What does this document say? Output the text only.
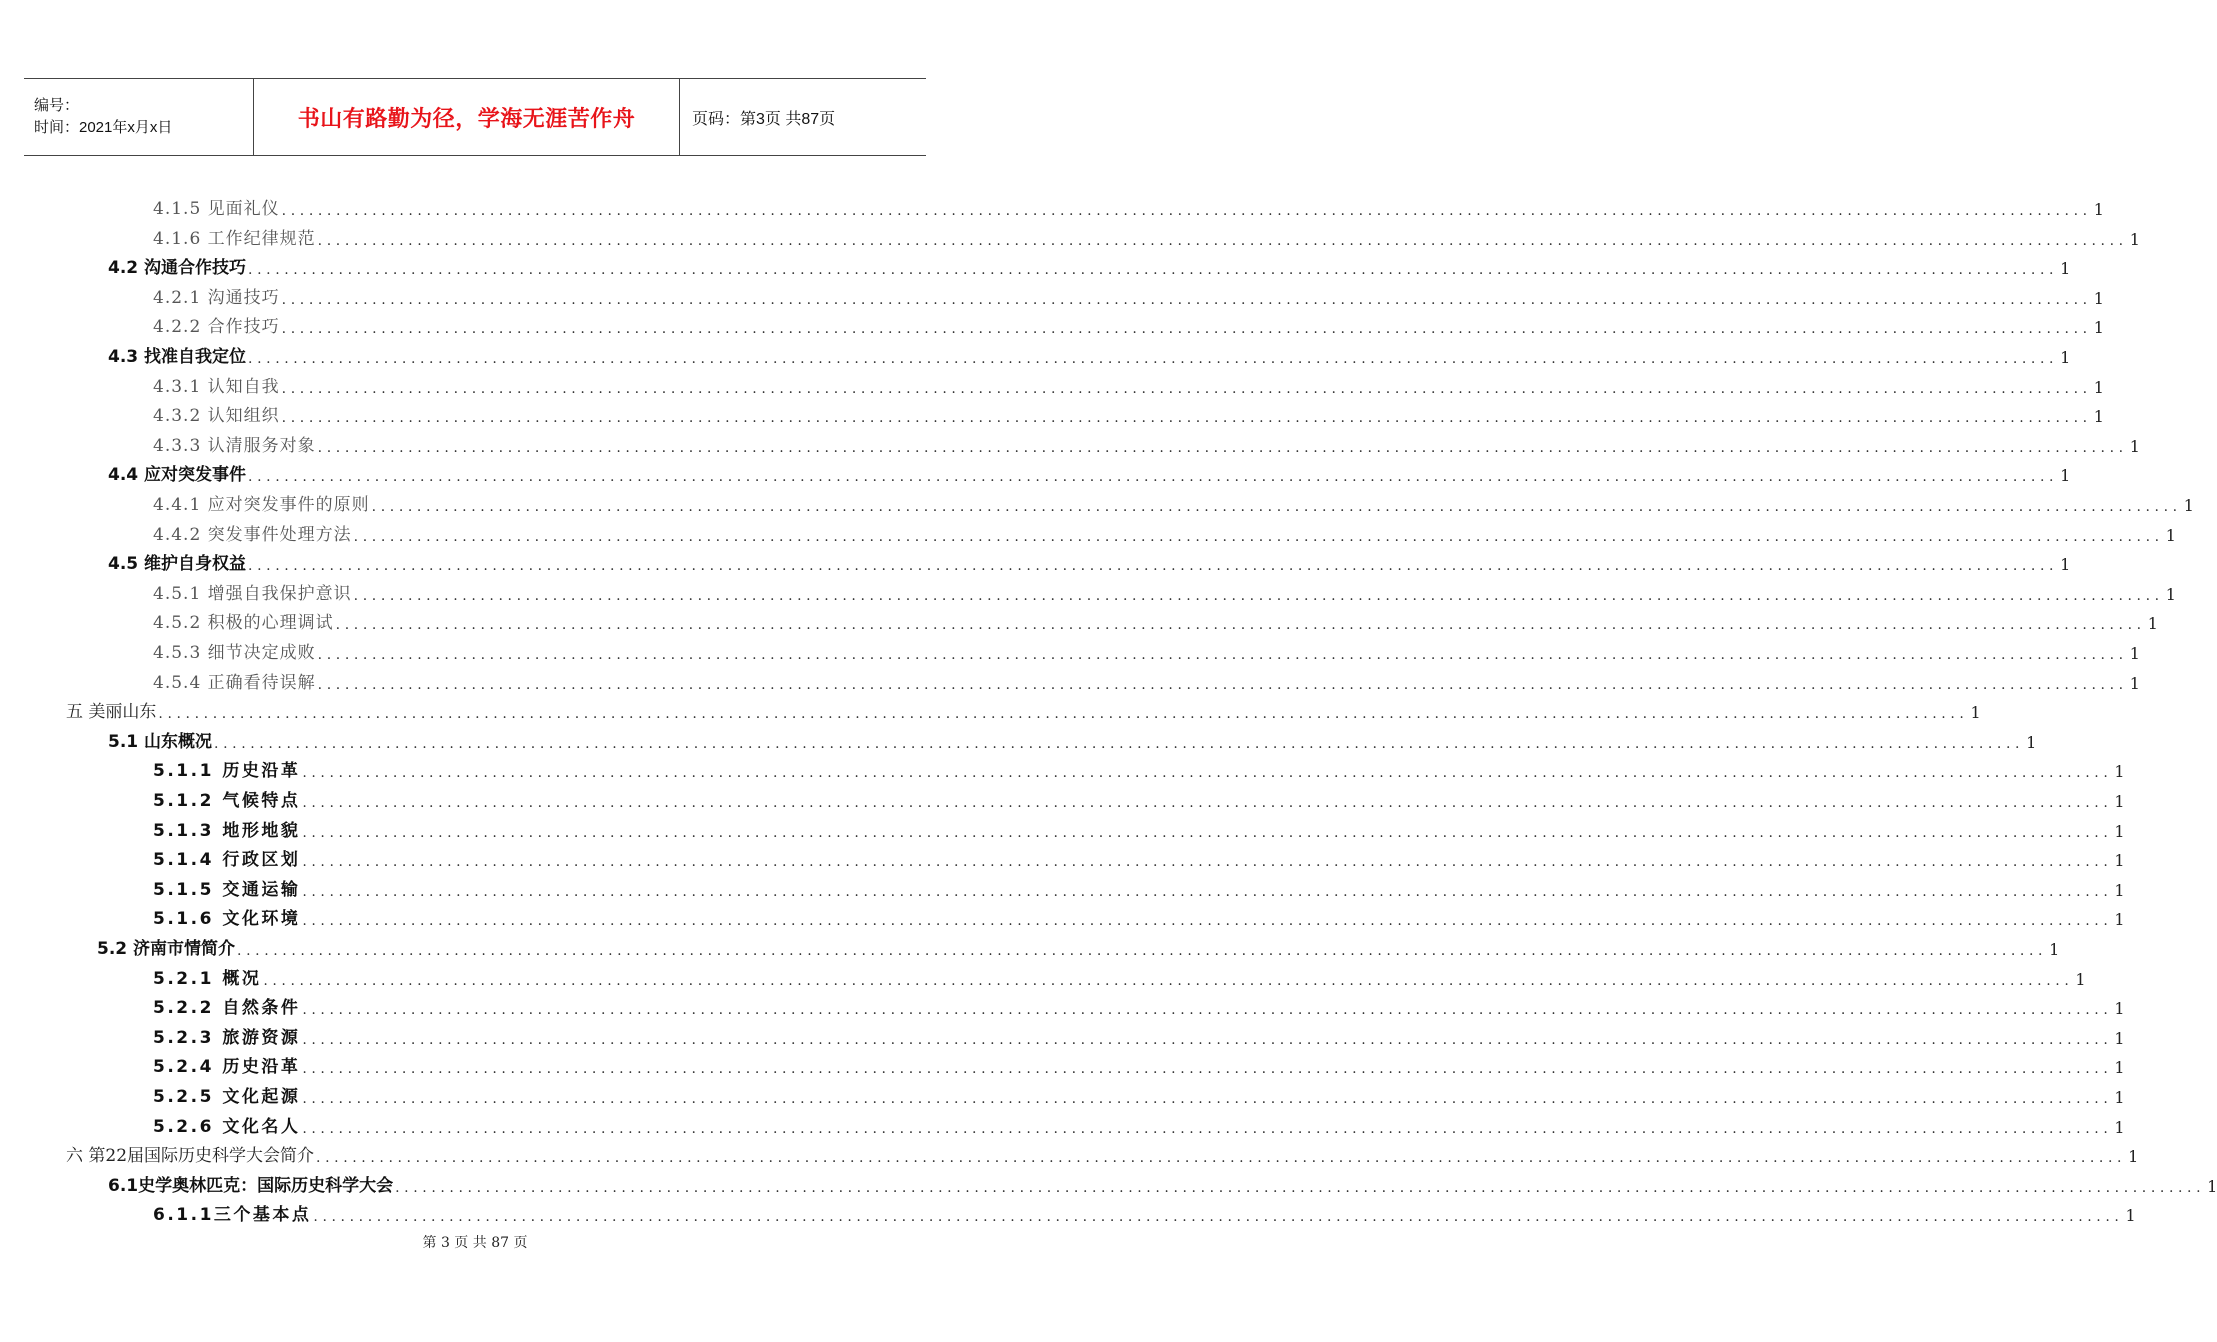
编号：
时间：2021年x月x日	书山有路勤为径，学海无涯苦作舟	页码：第3页 共87页
4.1.5 见面礼仪 ........................................................................................................................................................................................................ 1
4.1.6 工作纪律规范 ........................................................................................................................................................................................................ 1
4.2 沟通合作技巧 ........................................................................................................................................................................................................ 1
4.2.1 沟通技巧 ........................................................................................................................................................................................................ 1
4.2.2 合作技巧 ........................................................................................................................................................................................................ 1
4.3 找准自我定位 ........................................................................................................................................................................................................ 1
4.3.1 认知自我 ........................................................................................................................................................................................................ 1
4.3.2 认知组织 ........................................................................................................................................................................................................ 1
4.3.3 认清服务对象 ........................................................................................................................................................................................................ 1
4.4 应对突发事件 ........................................................................................................................................................................................................ 1
4.4.1 应对突发事件的原则 ........................................................................................................................................................................................................ 1
4.4.2 突发事件处理方法 ........................................................................................................................................................................................................ 1
4.5 维护自身权益 ........................................................................................................................................................................................................ 1
4.5.1 增强自我保护意识 ........................................................................................................................................................................................................ 1
4.5.2 积极的心理调试 ........................................................................................................................................................................................................ 1
4.5.3 细节决定成败 ........................................................................................................................................................................................................ 1
4.5.4 正确看待误解 ........................................................................................................................................................................................................ 1
五 美丽山东 ........................................................................................................................................................................................................ 1
5.1 山东概况 ........................................................................................................................................................................................................ 1
5.1.1 历史沿革 ........................................................................................................................................................................................................ 1
5.1.2 气候特点 ........................................................................................................................................................................................................ 1
5.1.3 地形地貌 ........................................................................................................................................................................................................ 1
5.1.4 行政区划 ........................................................................................................................................................................................................ 1
5.1.5 交通运输 ........................................................................................................................................................................................................ 1
5.1.6 文化环境 ........................................................................................................................................................................................................ 1
5.2 济南市情简介 ........................................................................................................................................................................................................ 1
5.2.1 概况 ........................................................................................................................................................................................................ 1
5.2.2 自然条件 ........................................................................................................................................................................................................ 1
5.2.3 旅游资源 ........................................................................................................................................................................................................ 1
5.2.4 历史沿革 ........................................................................................................................................................................................................ 1
5.2.5 文化起源 ........................................................................................................................................................................................................ 1
5.2.6 文化名人 ........................................................................................................................................................................................................ 1
六 第22届国际历史科学大会简介 ........................................................................................................................................................................................................ 1
6.1史学奥林匹克：国际历史科学大会 ........................................................................................................................................................................................................ 1
6.1.1三个基本点 ........................................................................................................................................................................................................ 1
第 3 页 共 87 页
